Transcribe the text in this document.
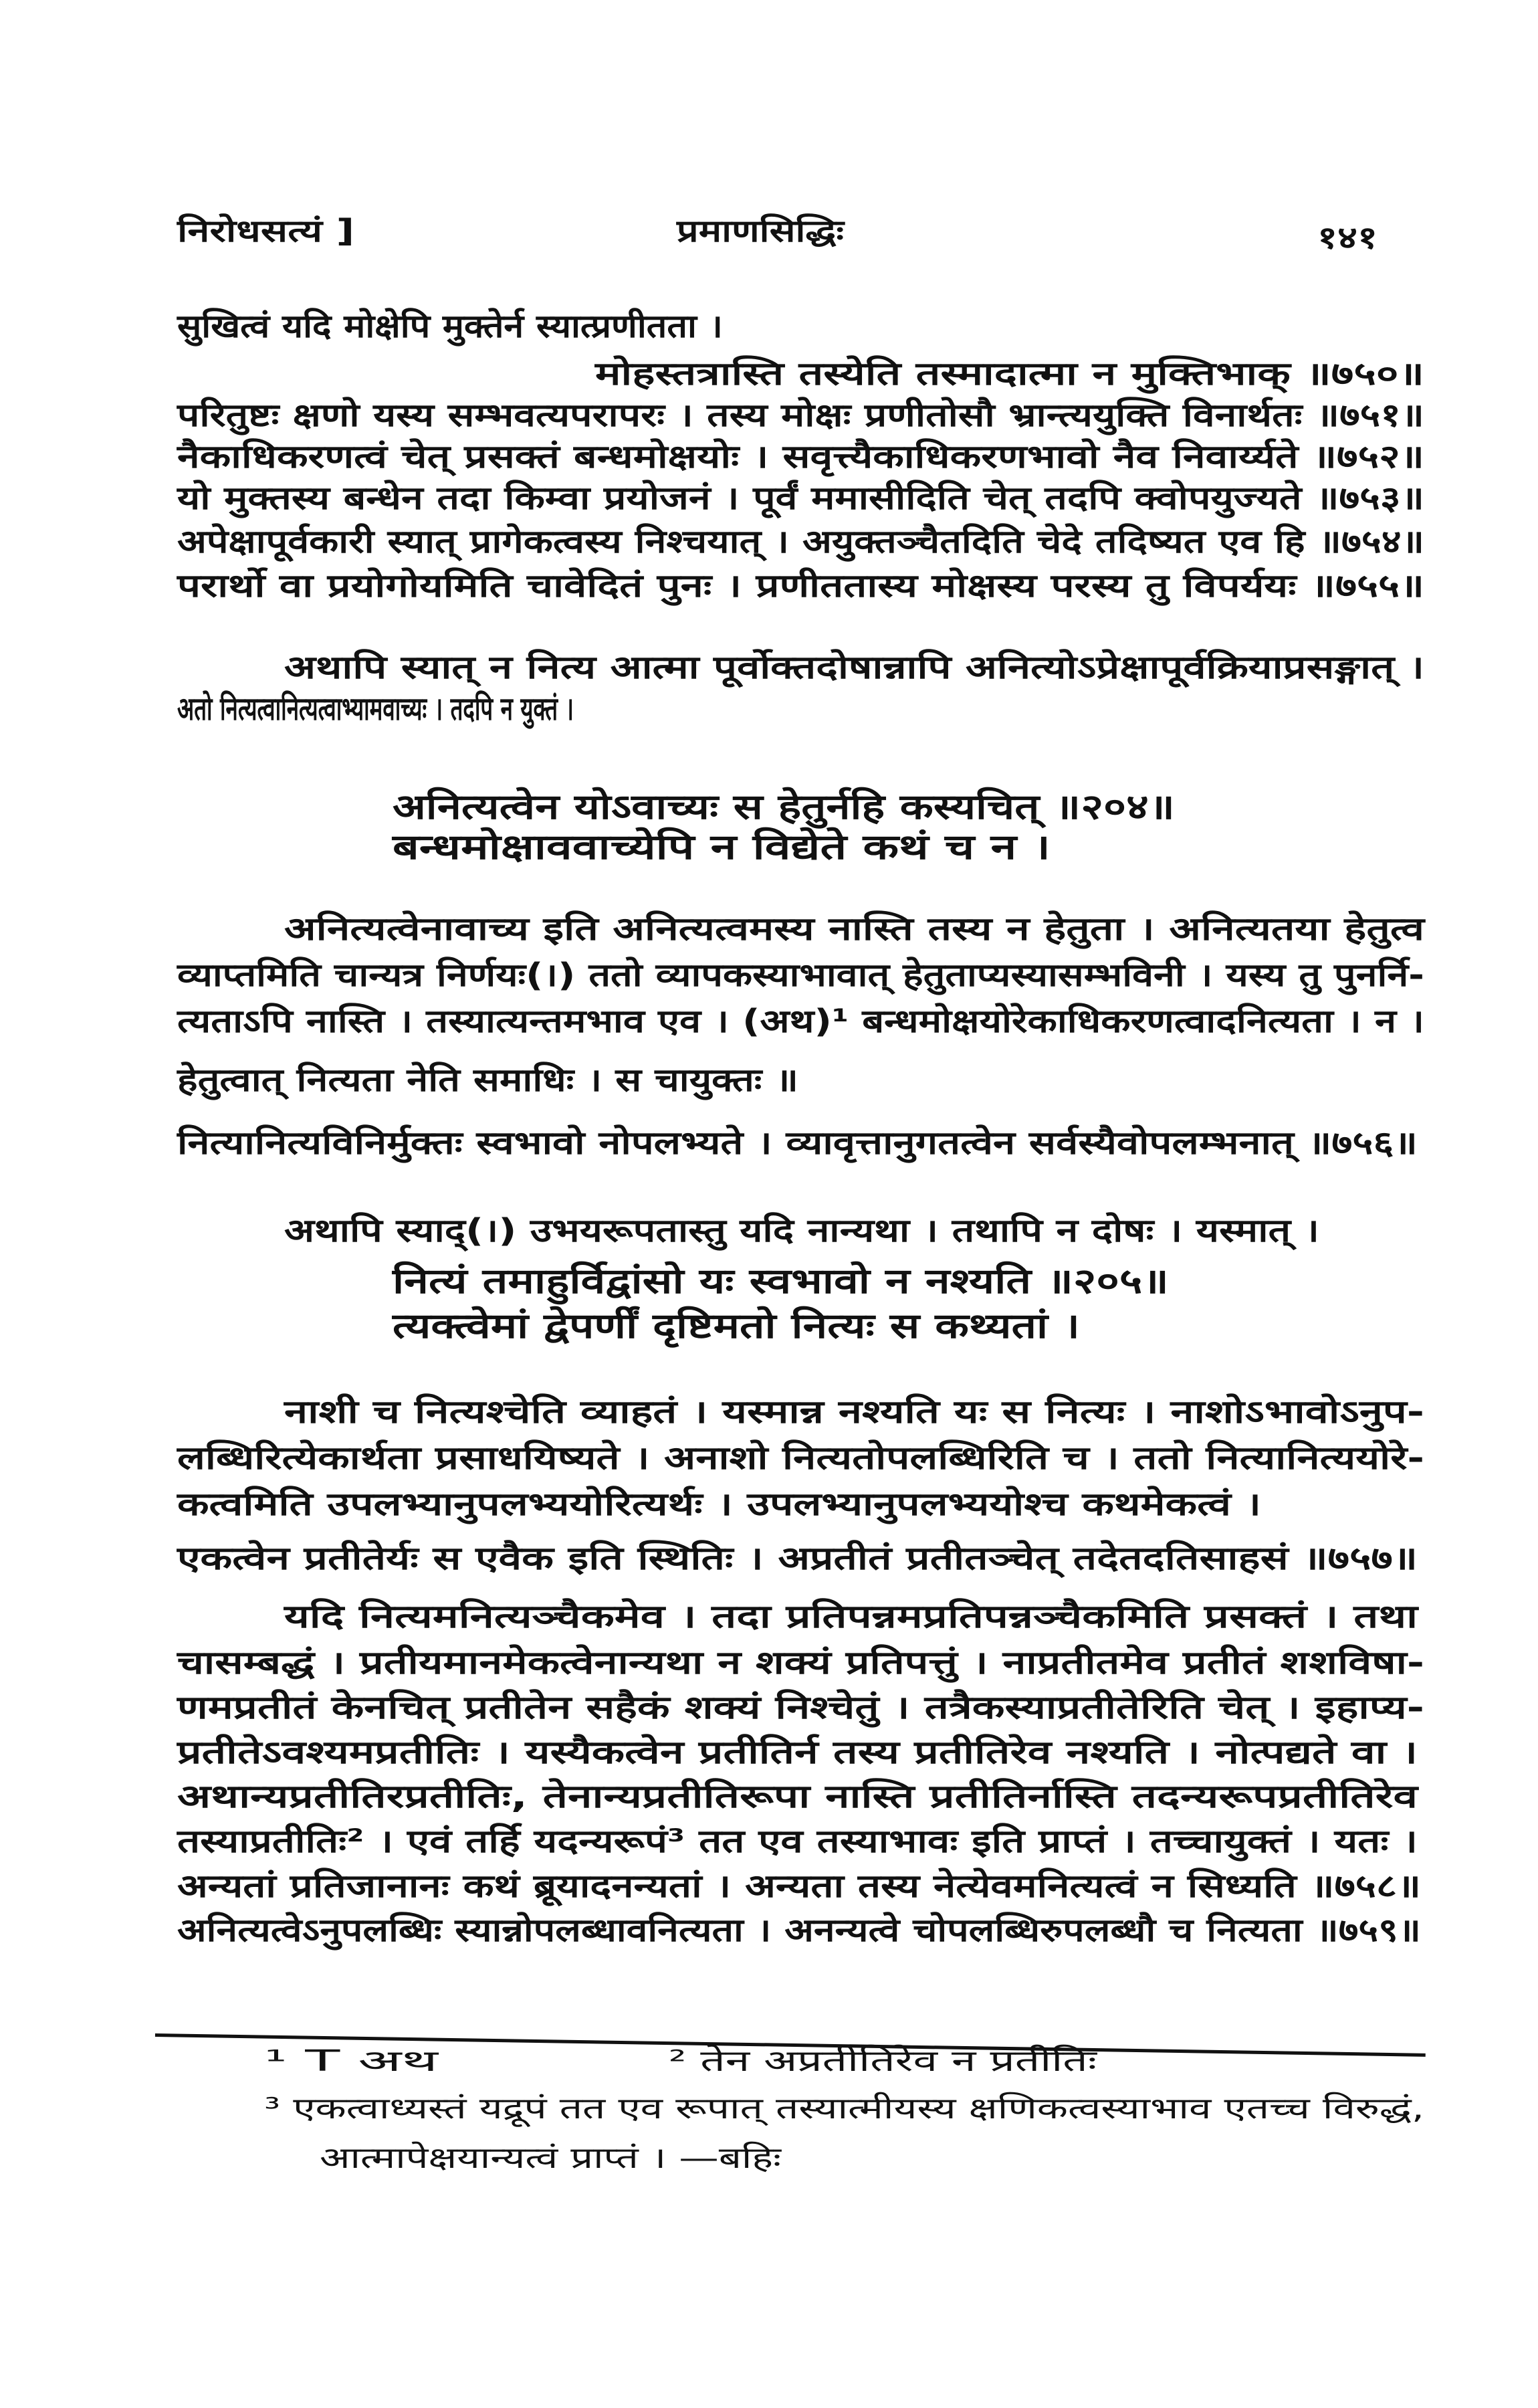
निरोधसत्यं ]	प्रमाणसिद्धिः	१४१
सुखित्वं यदि मोक्षेपि मुक्तेर्न स्यात्प्रणीतता ।
मोहस्तत्रास्ति तस्येति तस्मादात्मा न मुक्तिभाक् ॥७५०॥
परितुष्टः क्षणो यस्य सम्भवत्यपरापरः । तस्य मोक्षः प्रणीतोसौ भ्रान्त्ययुक्ति विनार्थतः ॥७५१॥
नैकाधिकरणत्वं चेत् प्रसक्तं बन्धमोक्षयोः । सवृत्त्यैकाधिकरणभावो नैव निवार्य्यते ॥७५२॥
यो मुक्तस्य बन्धेन तदा किम्वा प्रयोजनं । पूर्वं ममासीदिति चेत् तदपि क्वोपयुज्यते ॥७५३॥
अपेक्षापूर्वकारी स्यात् प्रागेकत्वस्य निश्चयात् । अयुक्तञ्चैतदिति चेदे तदिष्यत एव हि ॥७५४॥
परार्थो वा प्रयोगोयमिति चावेदितं पुनः । प्रणीततास्य मोक्षस्य परस्य तु विपर्ययः ॥७५५॥
अथापि स्यात् न नित्य आत्मा पूर्वोक्तदोषान्नापि अनित्योऽप्रेक्षापूर्वक्रियाप्रसङ्गात् ।
अतो नित्यत्वानित्यत्वाभ्यामवाच्यः । तदपि न युक्तं ।
अनित्यत्वेन योऽवाच्यः स हेतुर्नहि कस्यचित् ॥२०४॥
बन्धमोक्षाववाच्येपि न विद्येते कथं च न ।
अनित्यत्वेनावाच्य इति अनित्यत्वमस्य नास्ति तस्य न हेतुता । अनित्यतया हेतुत्व
व्याप्तमिति चान्यत्र निर्णयः(।) ततो व्यापकस्याभावात् हेतुताप्यस्यासम्भविनी । यस्य तु पुनर्नि-
त्यताऽपि नास्ति । तस्यात्यन्तमभाव एव । (अथ)¹ बन्धमोक्षयोरेकाधिकरणत्वादनित्यता । न ।
हेतुत्वात् नित्यता नेति समाधिः । स चायुक्तः ॥
नित्यानित्यविनिर्मुक्तः स्वभावो नोपलभ्यते । व्यावृत्तानुगतत्वेन सर्वस्यैवोपलम्भनात् ॥७५६॥
अथापि स्याद्(।) उभयरूपतास्तु यदि नान्यथा । तथापि न दोषः । यस्मात् ।
नित्यं तमाहुर्विद्वांसो यः स्वभावो न नश्यति ॥२०५॥
त्यक्त्वेमां द्वेपर्णीं दृष्टिमतो नित्यः स कथ्यतां ।
नाशी च नित्यश्चेति व्याहतं । यस्मान्न नश्यति यः स नित्यः । नाशोऽभावोऽनुप-
लब्धिरित्येकार्थता प्रसाधयिष्यते । अनाशो नित्यतोपलब्धिरिति च । ततो नित्यानित्ययोरे-
कत्वमिति उपलभ्यानुपलभ्ययोरित्यर्थः । उपलभ्यानुपलभ्ययोश्च कथमेकत्वं ।
एकत्वेन प्रतीतेर्यः स एवैक इति स्थितिः । अप्रतीतं प्रतीतञ्चेत् तदेतदतिसाहसं ॥७५७॥
यदि नित्यमनित्यञ्चैकमेव । तदा प्रतिपन्नमप्रतिपन्नञ्चैकमिति प्रसक्तं । तथा
चासम्बद्धं । प्रतीयमानमेकत्वेनान्यथा न शक्यं प्रतिपत्तुं । नाप्रतीतमेव प्रतीतं शशविषा-
णमप्रतीतं केनचित् प्रतीतेन सहैकं शक्यं निश्चेतुं । तत्रैकस्याप्रतीतेरिति चेत् । इहाप्य-
प्रतीतेऽवश्यमप्रतीतिः । यस्यैकत्वेन प्रतीतिर्न तस्य प्रतीतिरेव नश्यति । नोत्पद्यते वा ।
अथान्यप्रतीतिरप्रतीतिः, तेनान्यप्रतीतिरूपा नास्ति प्रतीतिर्नास्ति तदन्यरूपप्रतीतिरेव
तस्याप्रतीतिः² । एवं तर्हि यदन्यरूपं³ तत एव तस्याभावः इति प्राप्तं । तच्चायुक्तं । यतः ।
अन्यतां प्रतिजानानः कथं ब्रूयादनन्यतां । अन्यता तस्य नेत्येवमनित्यत्वं न सिध्यति ॥७५८॥
अनित्यत्वेऽनुपलब्धिः स्यान्नोपलब्धावनित्यता । अनन्यत्वे चोपलब्धिरुपलब्धौ च नित्यता ॥७५९॥
¹ T अथ	² तेन अप्रतीतिरेव न प्रतीतिः
³ एकत्वाध्यस्तं यद्रूपं तत एव रूपात् तस्यात्मीयस्य क्षणिकत्वस्याभाव एतच्च विरुद्धं,
आत्मापेक्षयान्यत्वं प्राप्तं । —बहिः
